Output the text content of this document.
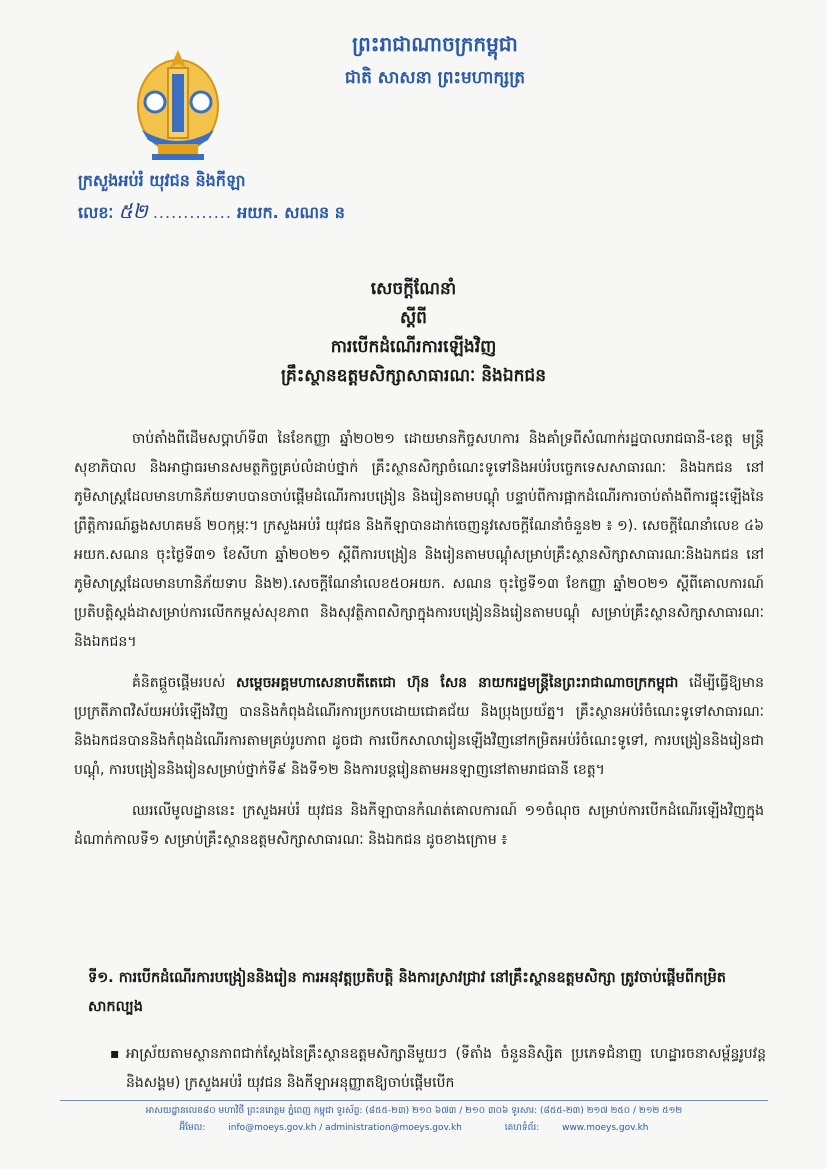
ព្រះរាជាណាចក្រកម្ពុជា
ជាតិ សាសនា ព្រះមហាក្សត្រ
ក្រសួងអប់រំ យុវជន និងកីឡា
លេខៈ ៥២ ............. អយក. សណន ន
សេចក្តីណែនាំ
ស្តីពី
ការបើកដំណើរការឡើងវិញ
គ្រឹះស្ថានឧត្តមសិក្សាសាធារណៈ និងឯកជន

ចាប់តាំងពីដើមសប្តាហ៍ទី៣ នៃខែកញ្ញា ឆ្នាំ២០២១ ដោយមានកិច្ចសហការ និងគាំទ្រពីសំណាក់រដ្ឋបាលរាជធានី-ខេត្ត មន្ត្រីសុខាភិបាល និងអាជ្ញាធរមានសមត្ថកិច្ចគ្រប់លំដាប់ថ្នាក់ គ្រឹះស្ថានសិក្សាចំណេះទូទៅនិងអប់រំបច្ចេកទេសសាធារណៈ និងឯកជន នៅភូមិសាស្ត្រដែលមានហានិភ័យទាបបានចាប់ផ្តើមដំណើរការបង្រៀន និងរៀនតាមបណ្តុំ បន្ទាប់ពីការផ្អាកដំណើរការចាប់តាំងពីការផ្ទុះឡើងនៃព្រឹត្តិការណ៍ឆ្លងសហគមន៍ ២០កុម្ភៈ។ ក្រសួងអប់រំ យុវជន និងកីឡាបានដាក់ចេញនូវសេចក្តីណែនាំចំនួន២ ៖ ១). សេចក្តីណែនាំលេខ ៤៦ អយក.សណន ចុះថ្ងៃទី៣១ ខែសីហា ឆ្នាំ២០២១ ស្តីពីការបង្រៀន និងរៀនតាមបណ្តុំសម្រាប់គ្រឹះស្ថានសិក្សាសាធារណៈនិងឯកជន នៅភូមិសាស្ត្រដែលមានហានិភ័យទាប និង២).សេចក្តីណែនាំលេខ៥០អយក. សណន ចុះថ្ងៃទី១៣ ខែកញ្ញា ឆ្នាំ២០២១ ស្តីពីគោលការណ៍ប្រតិបត្តិស្តង់ដាសម្រាប់ការលើកកម្ពស់សុខភាព និងសុវត្ថិភាពសិក្សាក្នុងការបង្រៀននិងរៀនតាមបណ្តុំ សម្រាប់គ្រឹះស្ថានសិក្សាសាធារណៈនិងឯកជន។

គំនិតផ្តួចផ្តើមរបស់ សម្តេចអគ្គមហាសេនាបតីតេជោ ហ៊ុន សែន នាយករដ្ឋមន្ត្រីនៃព្រះរាជាណាចក្រកម្ពុជា ដើម្បីធ្វើឱ្យមានប្រក្រតីភាពវិស័យអប់រំឡើងវិញ បាននិងកំពុងដំណើរការប្រកបដោយជោគជ័យ និងប្រុងប្រយ័ត្ន។ គ្រឹះស្ថានអប់រំចំណេះទូទៅសាធារណៈ និងឯកជនបាននិងកំពុងដំណើរការតាមគ្រប់រូបភាព ដូចជា ការបើកសាលារៀនឡើងវិញនៅកម្រិតអប់រំចំណេះទូទៅ, ការបង្រៀននិងរៀនជាបណ្តុំ, ការបង្រៀននិងរៀនសម្រាប់ថ្នាក់ទី៩ និងទី១២ និងការបន្តរៀនតាមអនឡាញនៅតាមរាជធានី ខេត្ត។

ឈរលើមូលដ្ឋាននេះ ក្រសួងអប់រំ យុវជន និងកីឡាបានកំណត់គោលការណ៍ ១១ចំណុច សម្រាប់ការបើកដំណើរឡើងវិញក្នុងដំណាក់កាលទី១ សម្រាប់គ្រឹះស្ថានឧត្តមសិក្សាសាធារណៈ និងឯកជន ដូចខាងក្រោម ៖

ទី១. ការបើកដំណើរការបង្រៀននិងរៀន ការអនុវត្តប្រតិបត្តិ និងការស្រាវជ្រាវ នៅគ្រឹះស្ថានឧត្តមសិក្សា ត្រូវចាប់ផ្តើមពីកម្រិតសាកល្បង
▪ អាស្រ័យតាមស្ថានភាពជាក់ស្តែងនៃគ្រឹះស្ថានឧត្តមសិក្សានីមួយៗ (ទីតាំង ចំនួននិស្សិត ប្រភេទជំនាញ ហេដ្ឋារចនាសម្ព័ន្ធរូបវន្តនិងសង្គម) ក្រសួងអប់រំ យុវជន និងកីឡាអនុញ្ញាតឱ្យចាប់ផ្តើមបើក
អាសយដ្ឋានលេខ៨០ មហាវិថី ព្រះនរោត្តម ភ្នំពេញ កម្ពុជា ទូរស័ព្ទ: (៨៥៥-២៣) ២១០ ៦៧៣ / ២១០ ៣០៦ ទូរសារ: (៨៥៥-២៣) ២១៧ ២៥០ / ២១២ ៥១២
អ៊ីមែល:	info@moeys.gov.kh / administration@moeys.gov.kh	គេហទំព័រ:	www.moeys.gov.kh
